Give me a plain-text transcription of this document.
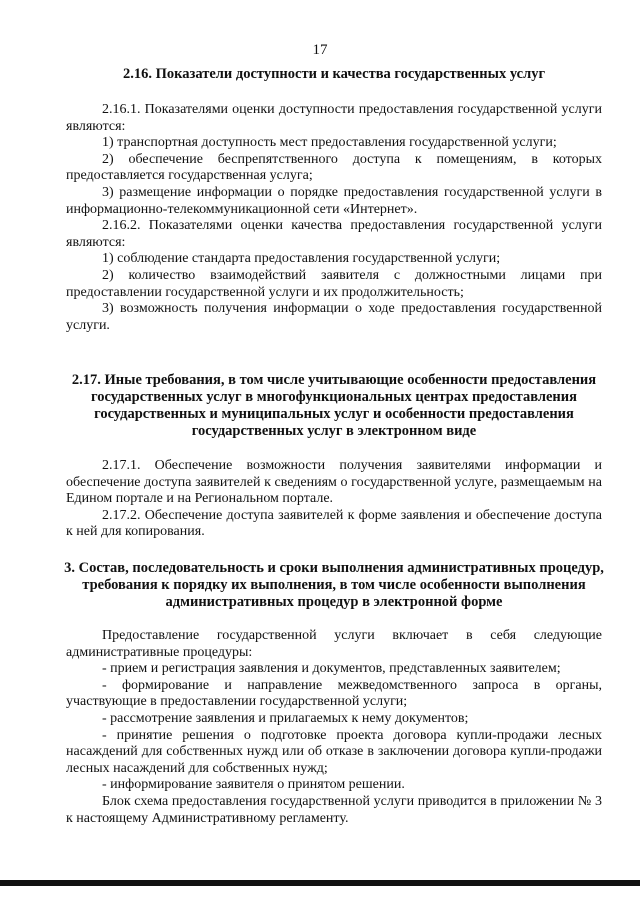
17
2.16. Показатели доступности и качества государственных услуг
2.16.1. Показателями оценки доступности предоставления государственной услуги являются:
1) транспортная доступность мест предоставления государственной услуги;
2) обеспечение беспрепятственного доступа к помещениям, в которых предоставляется государственная услуга;
3) размещение информации о порядке предоставления государственной услуги в информационно-телекоммуникационной сети «Интернет».
2.16.2. Показателями оценки качества предоставления государственной услуги являются:
1) соблюдение стандарта предоставления государственной услуги;
2) количество взаимодействий заявителя с должностными лицами при предоставлении государственной услуги и их продолжительность;
3) возможность получения информации о ходе предоставления государственной услуги.
2.17. Иные требования, в том числе учитывающие особенности предоставления государственных услуг в многофункциональных центрах предоставления государственных и муниципальных услуг и особенности предоставления государственных услуг в электронном виде
2.17.1. Обеспечение возможности получения заявителями информации и обеспечение доступа заявителей к сведениям о государственной услуге, размещаемым на Едином портале и на Региональном портале.
2.17.2. Обеспечение доступа заявителей к форме заявления и обеспечение доступа к ней для копирования.
3. Состав, последовательность и сроки выполнения административных процедур, требования к порядку их выполнения, в том числе особенности выполнения административных процедур в электронной форме
Предоставление государственной услуги включает в себя следующие административные процедуры:
- прием и регистрация заявления и документов, представленных заявителем;
- формирование и направление межведомственного запроса в органы, участвующие в предоставлении государственной услуги;
- рассмотрение заявления и прилагаемых к нему документов;
- принятие решения о подготовке проекта договора купли-продажи лесных насаждений для собственных нужд или об отказе в заключении договора купли-продажи лесных насаждений для собственных нужд;
- информирование заявителя о принятом решении.
Блок схема предоставления государственной услуги приводится в приложении № 3 к настоящему Административному регламенту.
